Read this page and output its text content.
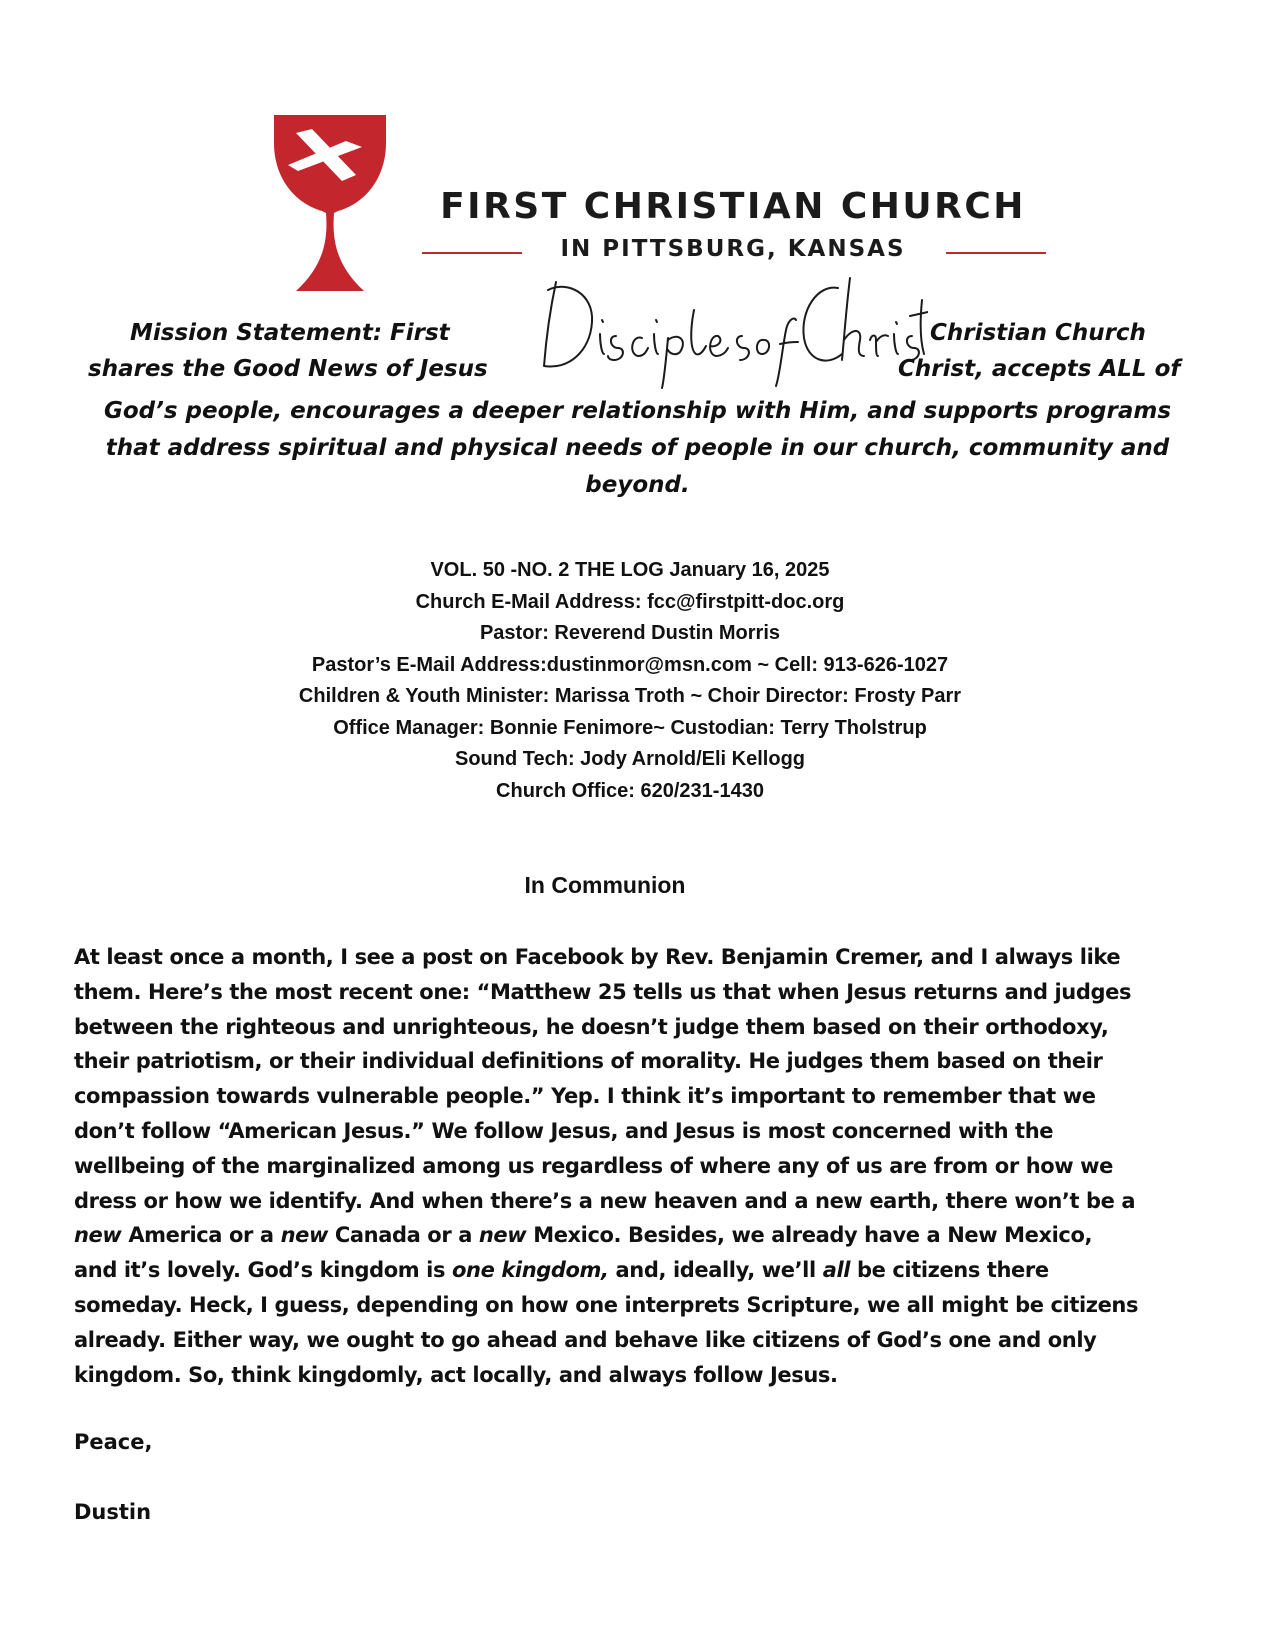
FIRST CHRISTIAN CHURCH
IN PITTSBURG, KANSAS
Mission Statement: First	Christian Church
shares the Good News of Jesus	Christ, accepts ALL of
God’s people, encourages a deeper relationship with Him, and supports programs
that address spiritual and physical needs of people in our church, community and
beyond.
VOL. 50 -NO. 2 THE LOG January 16, 2025
Church E-Mail Address: fcc@firstpitt-doc.org
Pastor: Reverend Dustin Morris
Pastor’s E-Mail Address:dustinmor@msn.com ~ Cell: 913-626-1027
Children & Youth Minister: Marissa Troth ~ Choir Director: Frosty Parr
Office Manager: Bonnie Fenimore~ Custodian: Terry Tholstrup
Sound Tech: Jody Arnold/Eli Kellogg
Church Office: 620/231-1430
In Communion
At least once a month, I see a post on Facebook by Rev. Benjamin Cremer, and I always like
them. Here’s the most recent one: “Matthew 25 tells us that when Jesus returns and judges
between the righteous and unrighteous, he doesn’t judge them based on their orthodoxy,
their patriotism, or their individual definitions of morality. He judges them based on their
compassion towards vulnerable people.” Yep. I think it’s important to remember that we
don’t follow “American Jesus.” We follow Jesus, and Jesus is most concerned with the
wellbeing of the marginalized among us regardless of where any of us are from or how we
dress or how we identify. And when there’s a new heaven and a new earth, there won’t be a
new America or a new Canada or a new Mexico. Besides, we already have a New Mexico,
and it’s lovely. God’s kingdom is one kingdom, and, ideally, we’ll all be citizens there
someday. Heck, I guess, depending on how one interprets Scripture, we all might be citizens
already. Either way, we ought to go ahead and behave like citizens of God’s one and only
kingdom. So, think kingdomly, act locally, and always follow Jesus.
Peace,
Dustin
